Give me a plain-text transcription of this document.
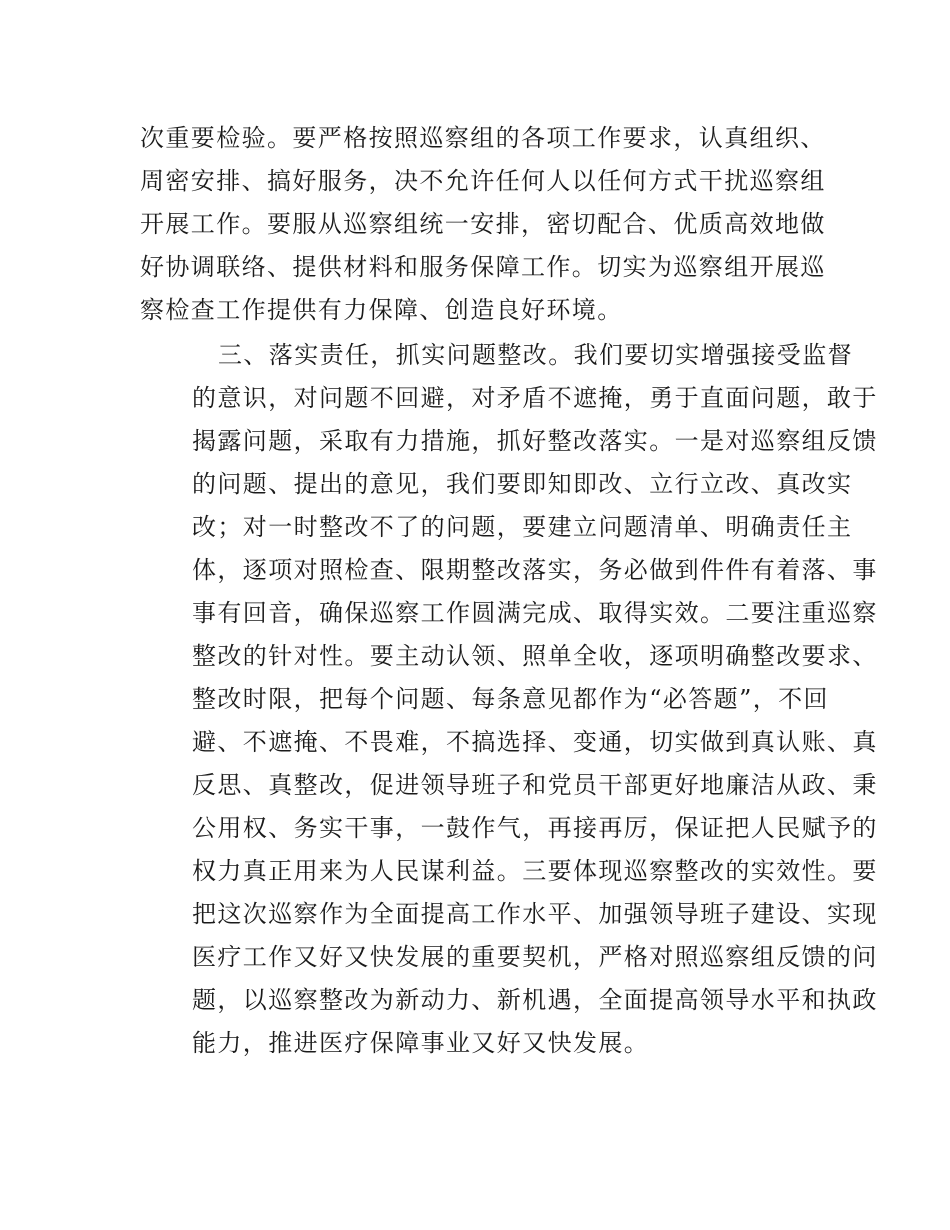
次重要检验。要严格按照巡察组的各项工作要求，认真组织、
周密安排、搞好服务，决不允许任何人以任何方式干扰巡察组
开展工作。要服从巡察组统一安排，密切配合、优质高效地做
好协调联络、提供材料和服务保障工作。切实为巡察组开展巡
察检查工作提供有力保障、创造良好环境。

三、落实责任，抓实问题整改。我们要切实增强接受监督
的意识，对问题不回避，对矛盾不遮掩，勇于直面问题，敢于
揭露问题，采取有力措施，抓好整改落实。一是对巡察组反馈
的问题、提出的意见，我们要即知即改、立行立改、真改实
改；对一时整改不了的问题，要建立问题清单、明确责任主
体，逐项对照检查、限期整改落实，务必做到件件有着落、事
事有回音，确保巡察工作圆满完成、取得实效。二要注重巡察
整改的针对性。要主动认领、照单全收，逐项明确整改要求、
整改时限，把每个问题、每条意见都作为“必答题”，不回
避、不遮掩、不畏难，不搞选择、变通，切实做到真认账、真
反思、真整改，促进领导班子和党员干部更好地廉洁从政、秉
公用权、务实干事，一鼓作气，再接再厉，保证把人民赋予的
权力真正用来为人民谋利益。三要体现巡察整改的实效性。要
把这次巡察作为全面提高工作水平、加强领导班子建设、实现
医疗工作又好又快发展的重要契机，严格对照巡察组反馈的问
题，以巡察整改为新动力、新机遇，全面提高领导水平和执政
能力，推进医疗保障事业又好又快发展。
